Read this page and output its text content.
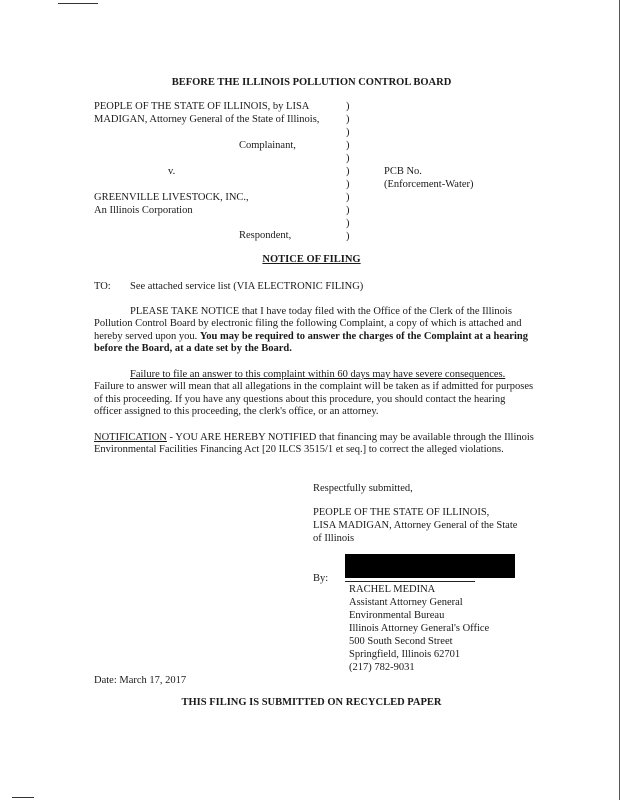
BEFORE THE ILLINOIS POLLUTION CONTROL BOARD
PEOPLE OF THE STATE OF ILLINOIS, by LISA
MADIGAN, Attorney General of the State of Illinois,
Complainant,
v.
GREENVILLE LIVESTOCK, INC.,
An Illinois Corporation
Respondent,
)
)
)
)
)
)
)
)
)
)
)
PCB No.
(Enforcement-Water)
NOTICE OF FILING
TO: See attached service list (VIA ELECTRONIC FILING)
PLEASE TAKE NOTICE that I have today filed with the Office of the Clerk of the Illinois Pollution Control Board by electronic filing the following Complaint, a copy of which is attached and hereby served upon you. You may be required to answer the charges of the Complaint at a hearing before the Board, at a date set by the Board.
Failure to file an answer to this complaint within 60 days may have severe consequences. Failure to answer will mean that all allegations in the complaint will be taken as if admitted for purposes of this proceeding. If you have any questions about this procedure, you should contact the hearing officer assigned to this proceeding, the clerk's office, or an attorney.
NOTIFICATION - YOU ARE HEREBY NOTIFIED that financing may be available through the Illinois Environmental Facilities Financing Act [20 ILCS 3515/1 et seq.] to correct the alleged violations.
Respectfully submitted,
PEOPLE OF THE STATE OF ILLINOIS,
LISA MADIGAN, Attorney General of the State
of Illinois
By:
RACHEL MEDINA
Assistant Attorney General
Environmental Bureau
Illinois Attorney General's Office
500 South Second Street
Springfield, Illinois 62701
(217) 782-9031
Date: March 17, 2017
THIS FILING IS SUBMITTED ON RECYCLED PAPER
